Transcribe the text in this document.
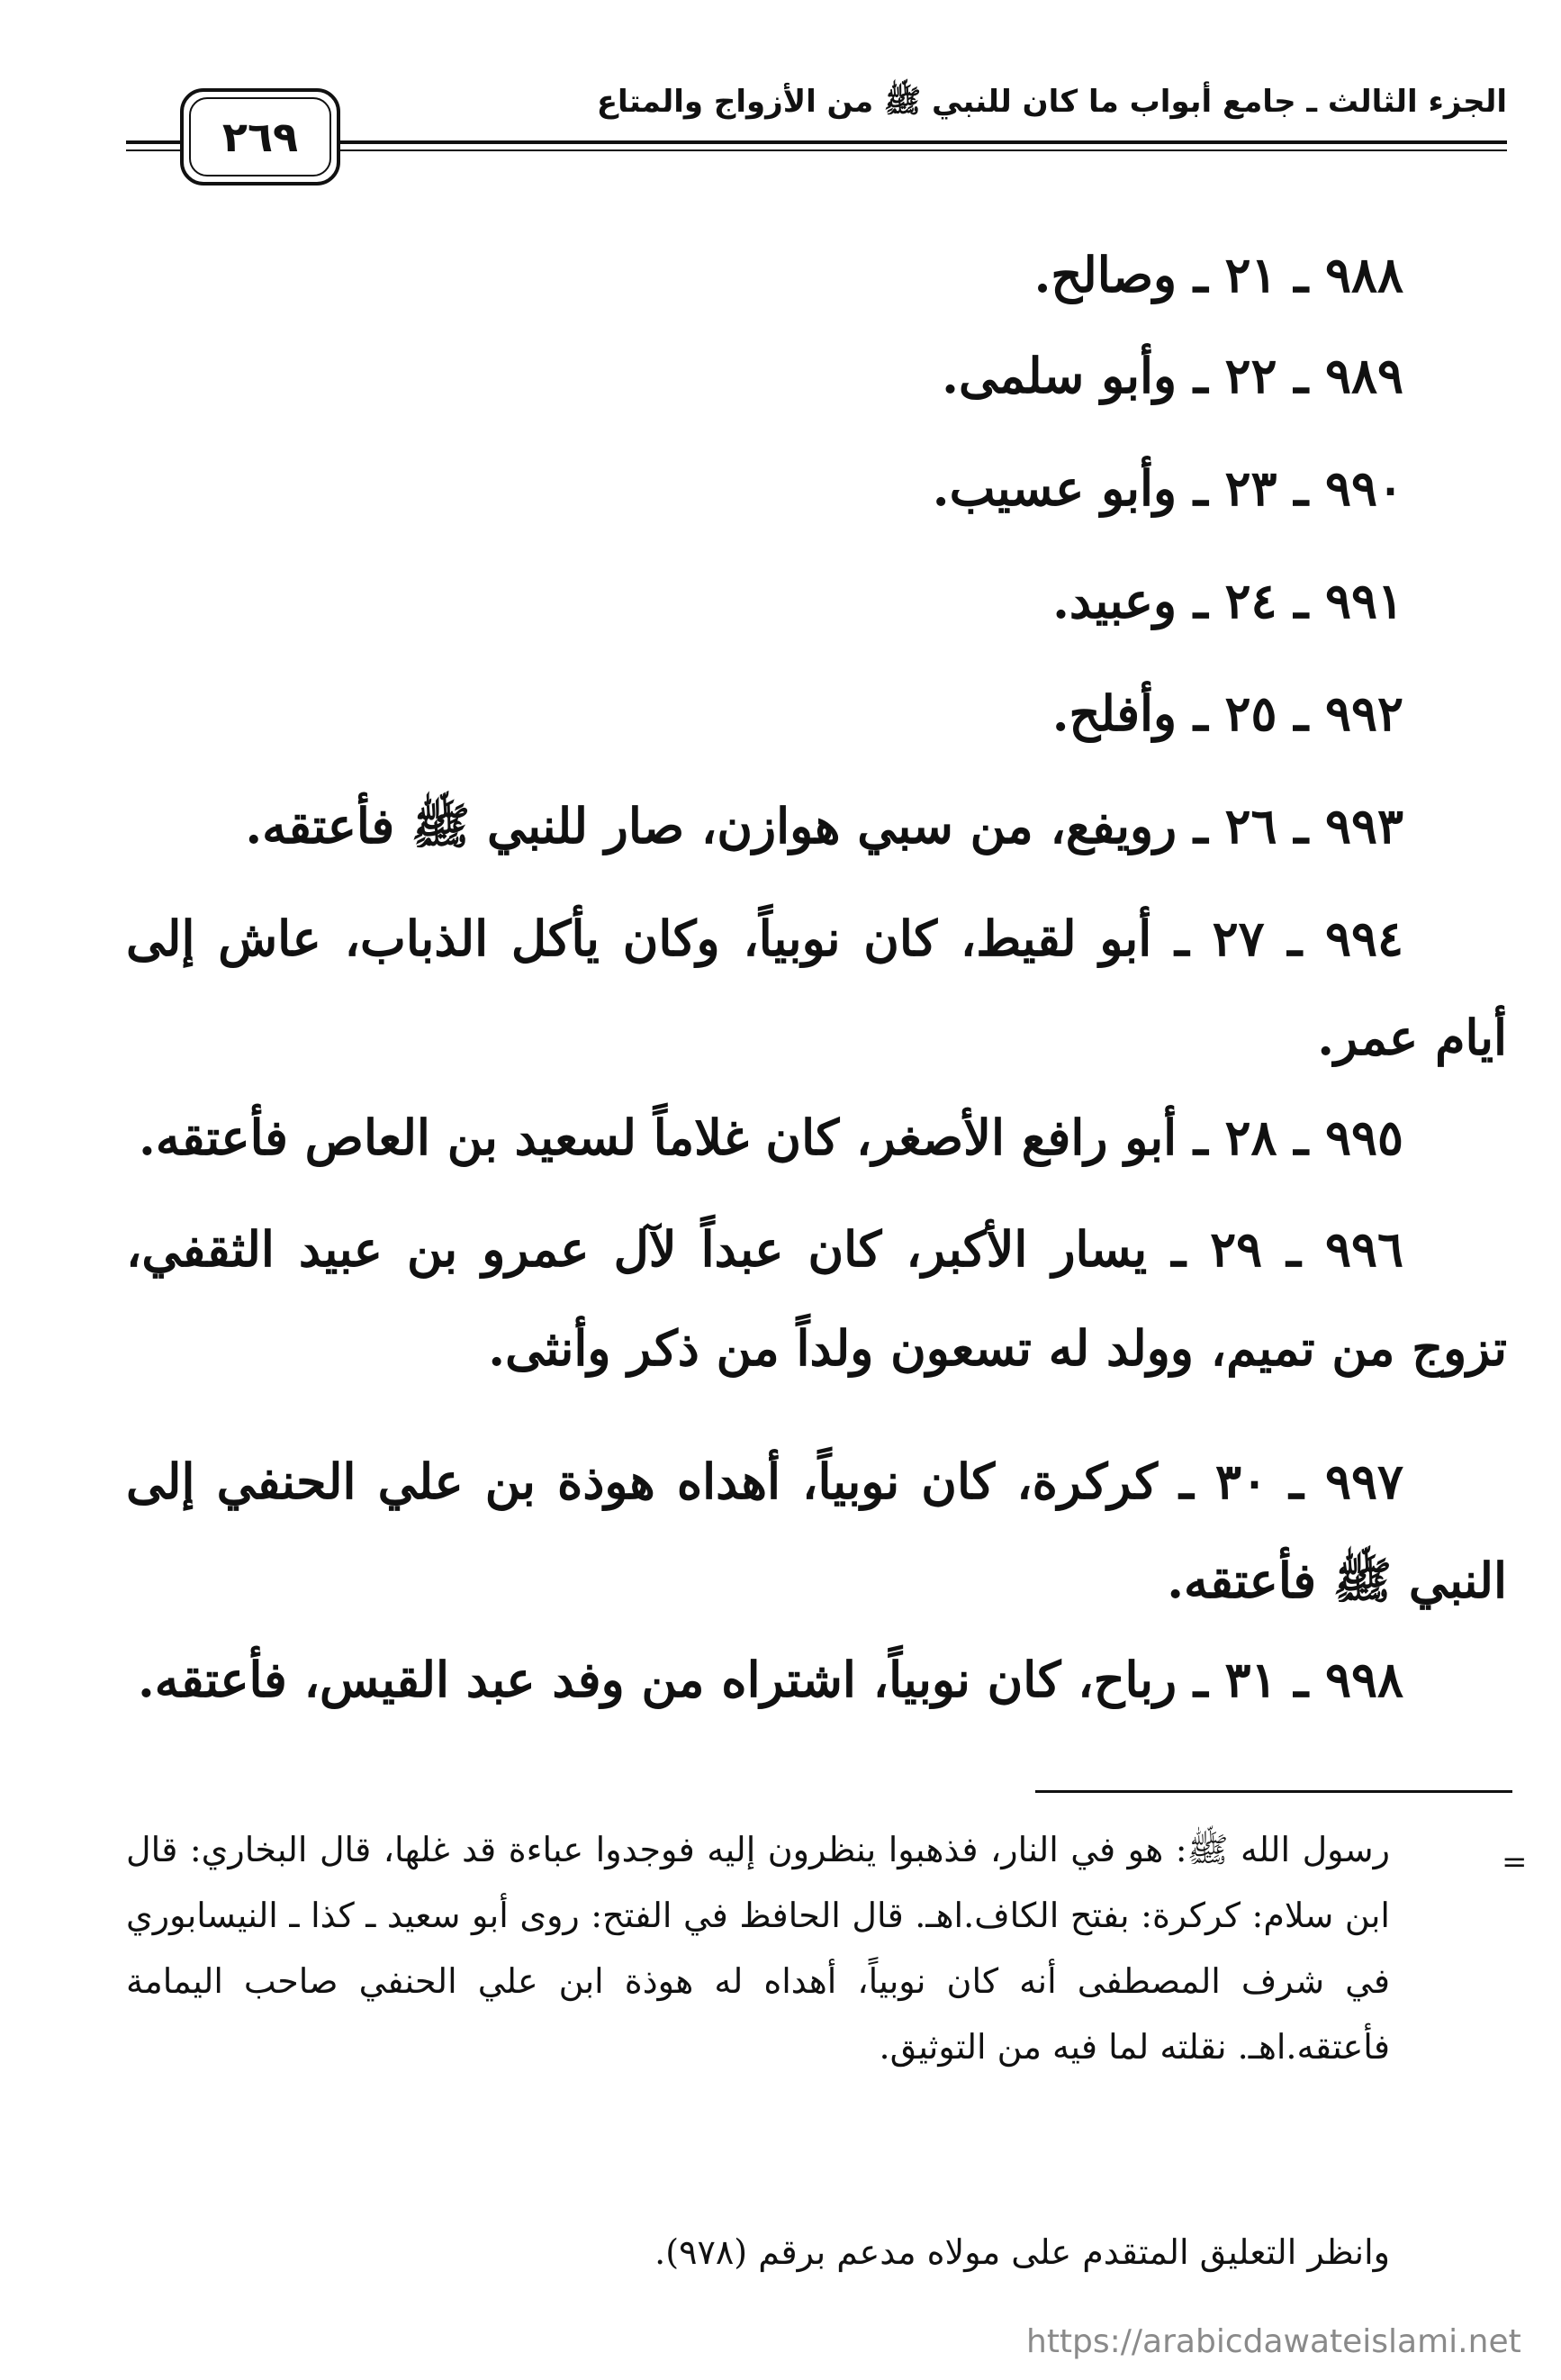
الجزء الثالث ـ جامع أبواب ما كان للنبي ﷺ من الأزواج والمتاع
٢٦٩
٩٨٨ ـ ٢١ ـ وصالح.
٩٨٩ ـ ٢٢ ـ وأبو سلمى.
٩٩٠ ـ ٢٣ ـ وأبو عسيب.
٩٩١ ـ ٢٤ ـ وعبيد.
٩٩٢ ـ ٢٥ ـ وأفلح.
٩٩٣ ـ ٢٦ ـ رويفع، من سبي هوازن، صار للنبي ﷺ فأعتقه.
٩٩٤ ـ ٢٧ ـ أبو لقيط، كان نوبياً، وكان يأكل الذباب، عاش إلى أيام عمر.
٩٩٥ ـ ٢٨ ـ أبو رافع الأصغر، كان غلاماً لسعيد بن العاص فأعتقه.
٩٩٦ ـ ٢٩ ـ يسار الأكبر، كان عبداً لآل عمرو بن عبيد الثقفي، تزوج من تميم، وولد له تسعون ولداً من ذكر وأنثى.
٩٩٧ ـ ٣٠ ـ كركرة، كان نوبياً، أهداه هوذة بن علي الحنفي إلى النبي ﷺ فأعتقه.
٩٩٨ ـ ٣١ ـ رباح، كان نوبياً، اشتراه من وفد عبد القيس، فأعتقه.
=
رسول الله ﷺ: هو في النار، فذهبوا ينظرون إليه فوجدوا عباءة قد غلها، قال البخاري: قال ابن سلام: كركرة: بفتح الكاف.اهـ. قال الحافظ في الفتح: روى أبو سعيد ـ كذا ـ النيسابوري في شرف المصطفى أنه كان نوبياً، أهداه له هوذة ابن علي الحنفي صاحب اليمامة فأعتقه.اهـ. نقلته لما فيه من التوثيق.
وانظر التعليق المتقدم على مولاه مدعم برقم (٩٧٨).
https://arabicdawateislami.net
